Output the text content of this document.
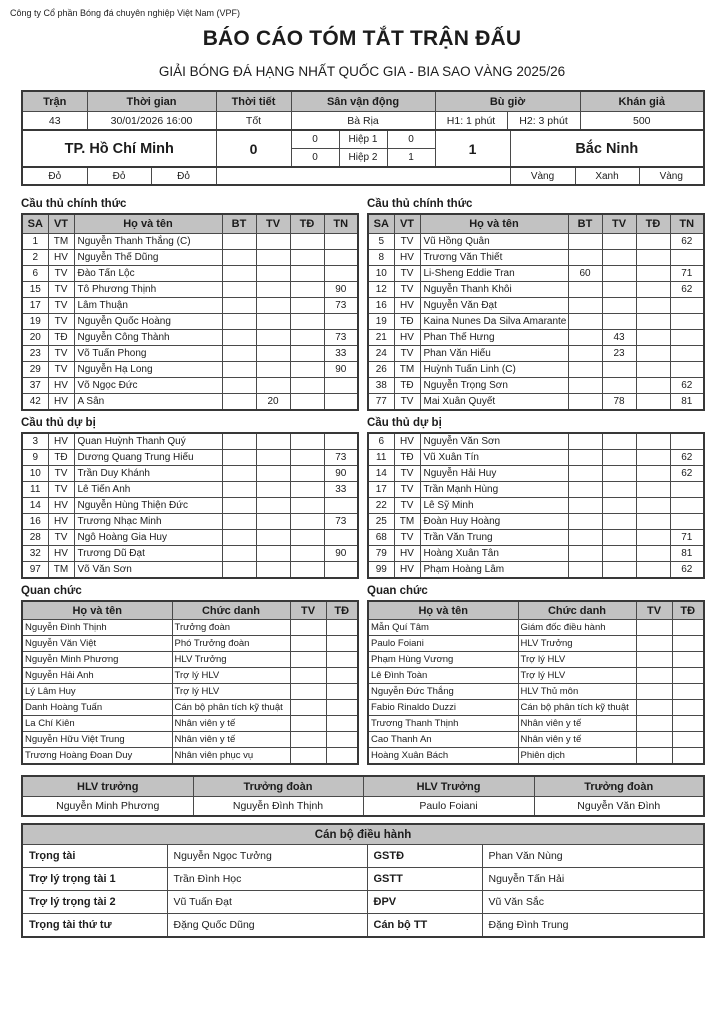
Công ty Cổ phần Bóng đá chuyên nghiệp Việt Nam (VPF)
BÁO CÁO TÓM TẮT TRẬN ĐẤU
GIẢI BÓNG ĐÁ HẠNG NHẤT QUỐC GIA - BIA SAO VÀNG 2025/26
Trận	Thời gian	Thời tiết	Sân vận động	Bù giờ		Khán giả
43	30/01/2026 16:00	Tốt	Bà Rịa	H1: 1 phút	H2: 3 phút	500
TP. Hồ Chí Minh	0	0	Hiệp 1	0	1	Bắc Ninh
		0	Hiệp 2	1		
Đỏ	Đỏ	Đỏ		Vàng	Xanh	Vàng
Cầu thủ chính thức
SA	VT	Họ và tên	BT	TV	TĐ	TN
1	TM	Nguyễn Thanh Thắng (C)				
2	HV	Nguyễn Thế Dũng				
6	TV	Đào Tấn Lộc				
15	TV	Tô Phương Thịnh				90
17	TV	Lâm Thuận				73
19	TV	Nguyễn Quốc Hoàng				
20	TĐ	Nguyễn Công Thành				73
23	TV	Võ Tuấn Phong				33
29	TV	Nguyễn Hạ Long				90
37	HV	Võ Ngọc Đức				
42	HV	A Sân		20		
Cầu thủ dự bị
3	HV	Quan Huỳnh Thanh Quý				
9	TĐ	Dương Quang Trung Hiếu				73
10	TV	Trần Duy Khánh				90
11	TV	Lê Tiến Anh				33
14	HV	Nguyễn Hùng Thiện Đức				
16	HV	Trương Nhạc Minh				73
28	TV	Ngô Hoàng Gia Huy				
32	HV	Trương Dũ Đạt				90
97	TM	Võ Văn Sơn				
Quan chức
Họ và tên	Chức danh	TV	TĐ
Nguyễn Đình Thịnh	Trưởng đoàn		
Nguyễn Văn Việt	Phó Trưởng đoàn		
Nguyễn Minh Phương	HLV Trưởng		
Nguyễn Hải Anh	Trợ lý HLV		
Lý Lâm Huy	Trợ lý HLV		
Danh Hoàng Tuấn	Cán bộ phân tích kỹ thuật		
La Chí Kiên	Nhân viên y tế		
Nguyễn Hữu Việt Trung	Nhân viên y tế		
Trương Hoàng Đoan Duy	Nhân viên phục vụ		
Cầu thủ chính thức
SA	VT	Họ và tên	BT	TV	TĐ	TN
5	TV	Vũ Hồng Quân				62
8	HV	Trương Văn Thiết				
10	TV	Li-Sheng Eddie Tran	60			71
12	TV	Nguyễn Thanh Khôi				62
16	HV	Nguyễn Văn Đạt				
19	TĐ	Kaina Nunes Da Silva Amarante				
21	HV	Phan Thế Hưng		43		
24	TV	Phan Văn Hiếu		23		
26	TM	Huỳnh Tuấn Linh (C)				
38	TĐ	Nguyễn Trọng Sơn				62
77	TV	Mai Xuân Quyết		78		81
Cầu thủ dự bị
6	HV	Nguyễn Văn Sơn				
11	TĐ	Vũ Xuân Tín				62
14	TV	Nguyễn Hải Huy				62
17	TV	Trần Mạnh Hùng				
22	TV	Lê Sỹ Minh				
25	TM	Đoàn Huy Hoàng				
68	TV	Trần Văn Trung				71
79	HV	Hoàng Xuân Tân				81
99	HV	Phạm Hoàng Lâm				62
Quan chức
Họ và tên	Chức danh	TV	TĐ
Mẫn Quí Tâm	Giám đốc điều hành		
Paulo Foiani	HLV Trưởng		
Phạm Hùng Vương	Trợ lý HLV		
Lê Đình Toàn	Trợ lý HLV		
Nguyễn Đức Thắng	HLV Thủ môn		
Fabio Rinaldo Duzzi	Cán bộ phân tích kỹ thuật		
Trương Thanh Thịnh	Nhân viên y tế		
Cao Thanh An	Nhân viên y tế		
Hoàng Xuân Bách	Phiên dịch		
HLV trưởng	Trưởng đoàn	HLV Trưởng	Trưởng đoàn
Nguyễn Minh Phương	Nguyễn Đình Thịnh	Paulo Foiani	Nguyễn Văn Đình
Cán bộ điều hành			
Trọng tài	Nguyễn Ngọc Tưởng	GSTĐ	Phan Văn Nùng
Trợ lý trọng tài 1	Trần Đình Học	GSTT	Nguyễn Tấn Hải
Trợ lý trọng tài 2	Vũ Tuấn Đạt	ĐPV	Vũ Văn Sắc
Trọng tài thứ tư	Đặng Quốc Dũng	Cán bộ TT	Đặng Đình Trung
